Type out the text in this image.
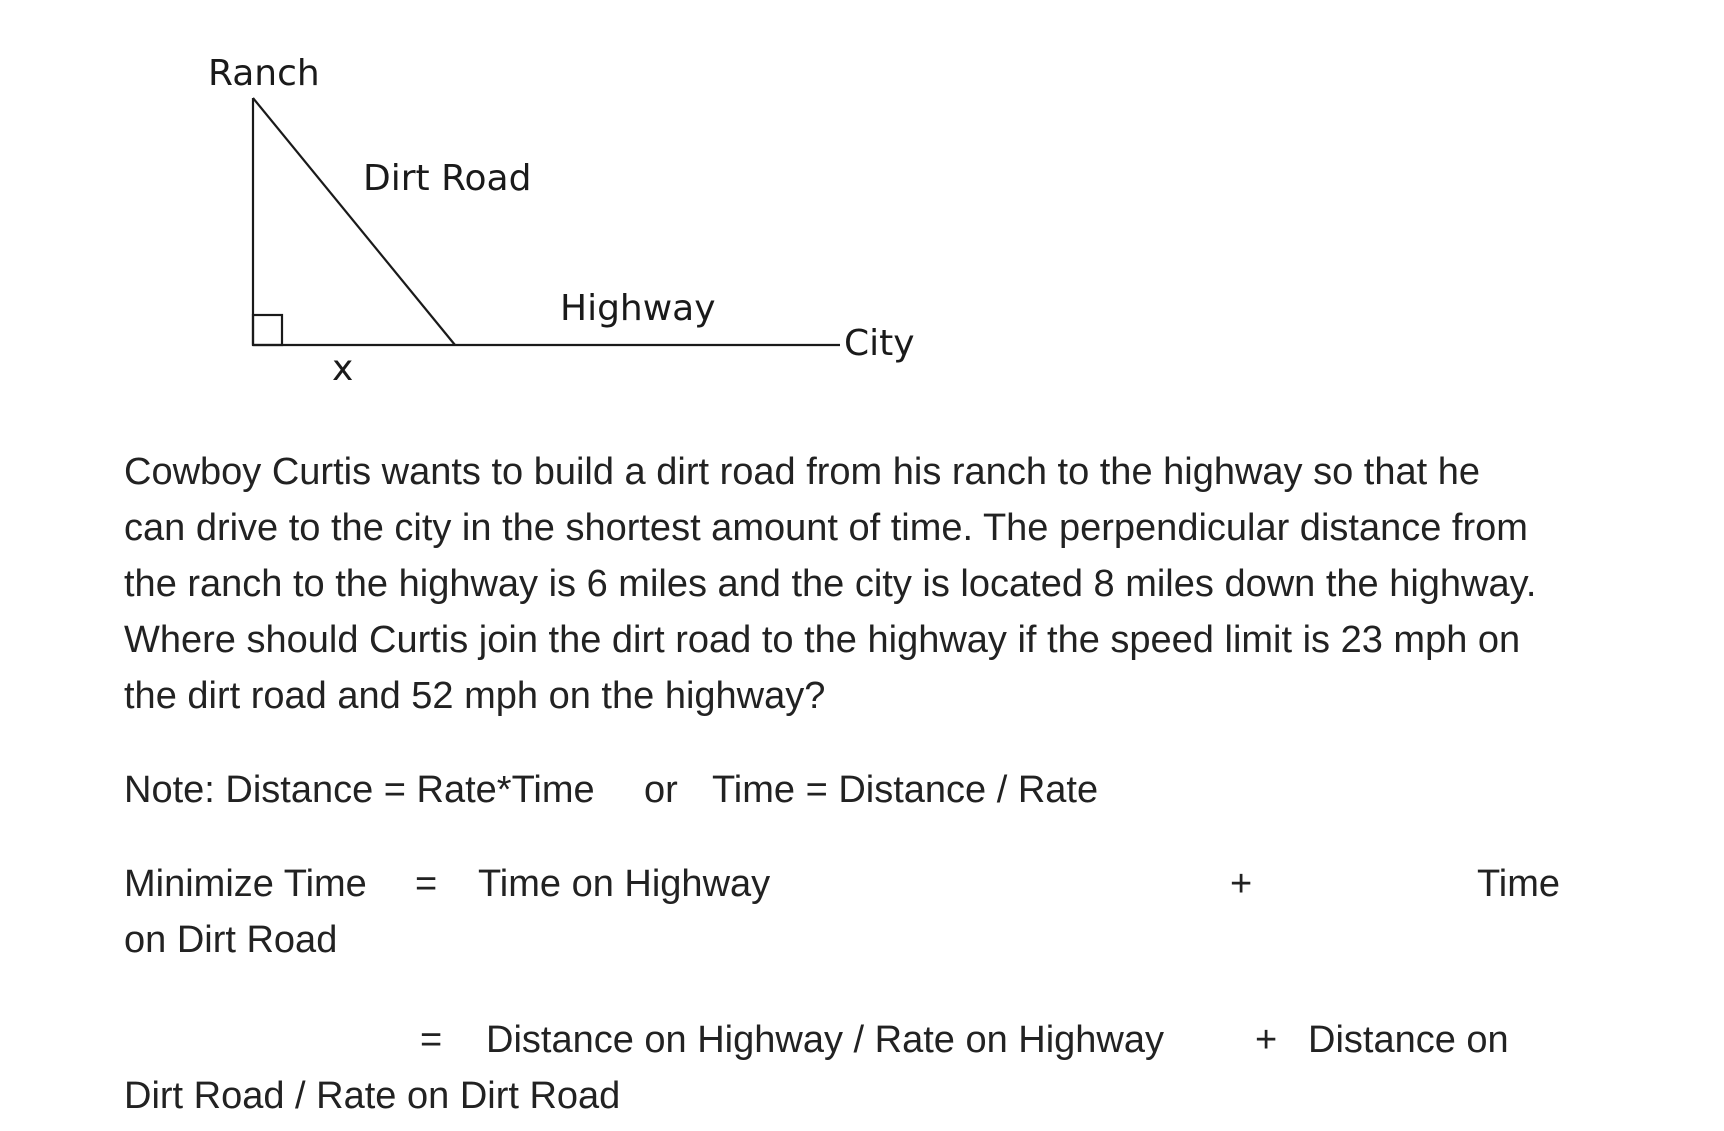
Ranch
Dirt Road
Highway
City
x
Cowboy Curtis wants to build a dirt road from his ranch to the highway so that he
can drive to the city in the shortest amount of time. The perpendicular distance from
the ranch to the highway is 6 miles and the city is located 8 miles down the highway.
Where should Curtis join the dirt road to the highway if the speed limit is 23 mph on
the dirt road and 52 mph on the highway?
Note: Distance = Rate*Time or Time = Distance / Rate
Minimize Time = Time on Highway	+	Time
on Dirt Road
= Distance on Highway / Rate on Highway + Distance on
Dirt Road / Rate on Dirt Road
